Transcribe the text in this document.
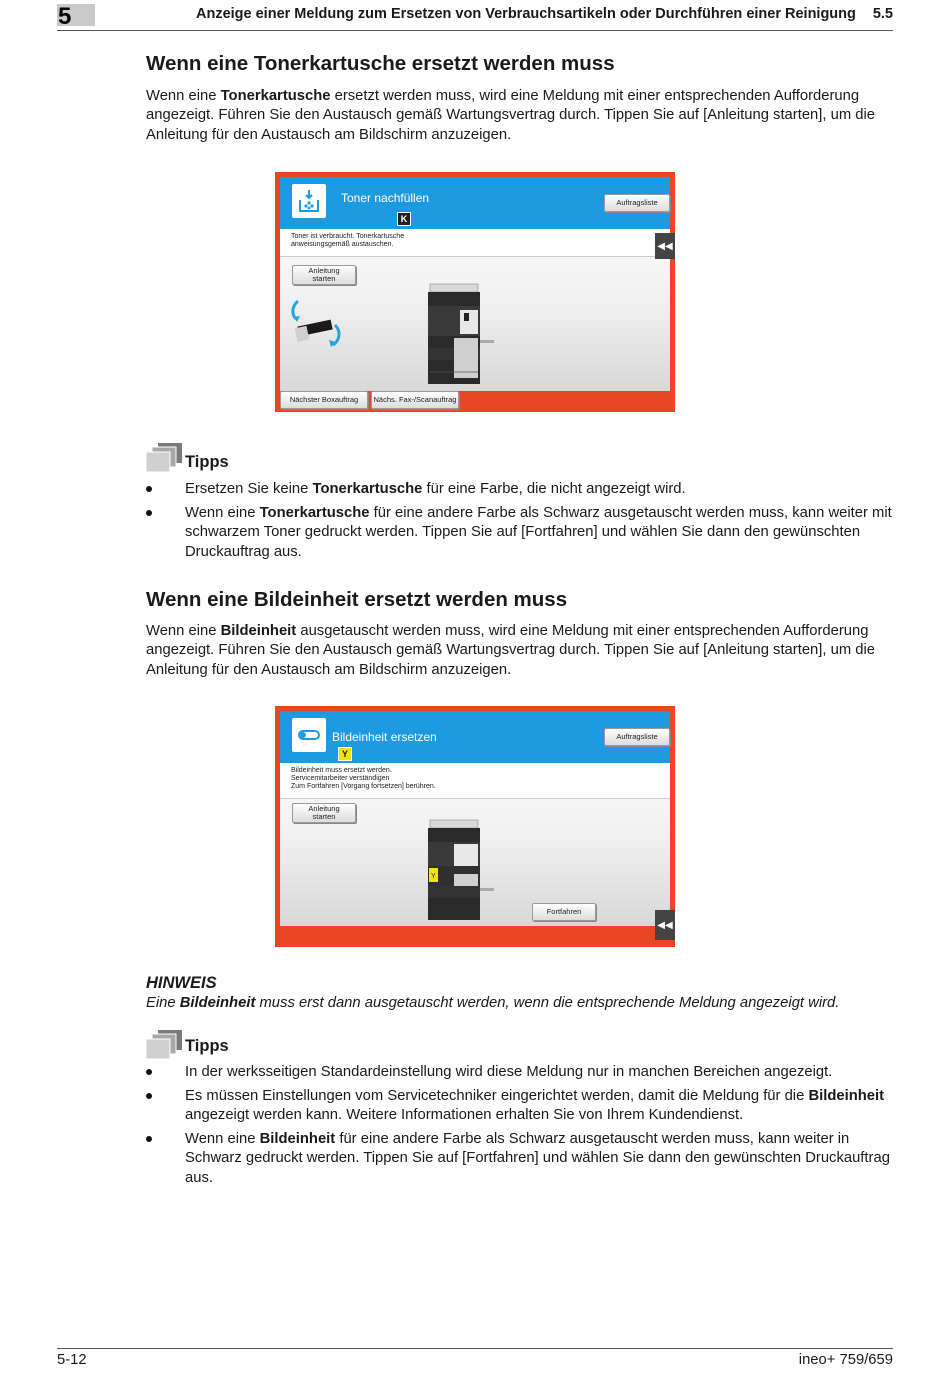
5	Anzeige einer Meldung zum Ersetzen von Verbrauchsartikeln oder Durchführen einer Reinigung 5.5
Wenn eine Tonerkartusche ersetzt werden muss
Wenn eine Tonerkartusche ersetzt werden muss, wird eine Meldung mit einer entsprechenden Aufforderung angezeigt. Führen Sie den Austausch gemäß Wartungsvertrag durch. Tippen Sie auf [Anleitung starten], um die Anleitung für den Austausch am Bildschirm anzuzeigen.
Toner nachfüllen
K
Auftragsliste
Toner ist verbraucht. Tonerkartusche
anweisungsgemäß austauschen.
Anleitung
starten
◀◀
Nächster Boxauftrag	Nächs. Fax-/Scanauftrag
Tipps
Ersetzen Sie keine Tonerkartusche für eine Farbe, die nicht angezeigt wird.
Wenn eine Tonerkartusche für eine andere Farbe als Schwarz ausgetauscht werden muss, kann weiter mit schwarzem Toner gedruckt werden. Tippen Sie auf [Fortfahren] und wählen Sie dann den gewünschten Druckauftrag aus.
Wenn eine Bildeinheit ersetzt werden muss
Wenn eine Bildeinheit ausgetauscht werden muss, wird eine Meldung mit einer entsprechenden Aufforderung angezeigt. Führen Sie den Austausch gemäß Wartungsvertrag durch. Tippen Sie auf [Anleitung starten], um die Anleitung für den Austausch am Bildschirm anzuzeigen.
Bildeinheit ersetzen
Y
Auftragsliste
Bildeinheit muss ersetzt werden.
Servicemitarbeiter verständigen
Zum Fortfahren [Vorgang fortsetzen] berühren.
Anleitung
starten
Y
Fortfahren
◀◀
HINWEIS
Eine Bildeinheit muss erst dann ausgetauscht werden, wenn die entsprechende Meldung angezeigt wird.
Tipps
In der werksseitigen Standardeinstellung wird diese Meldung nur in manchen Bereichen angezeigt.
Es müssen Einstellungen vom Servicetechniker eingerichtet werden, damit die Meldung für die Bildeinheit angezeigt werden kann. Weitere Informationen erhalten Sie von Ihrem Kundendienst.
Wenn eine Bildeinheit für eine andere Farbe als Schwarz ausgetauscht werden muss, kann weiter in Schwarz gedruckt werden. Tippen Sie auf [Fortfahren] und wählen Sie dann den gewünschten Druckauftrag aus.
5-12	ineo+ 759/659
